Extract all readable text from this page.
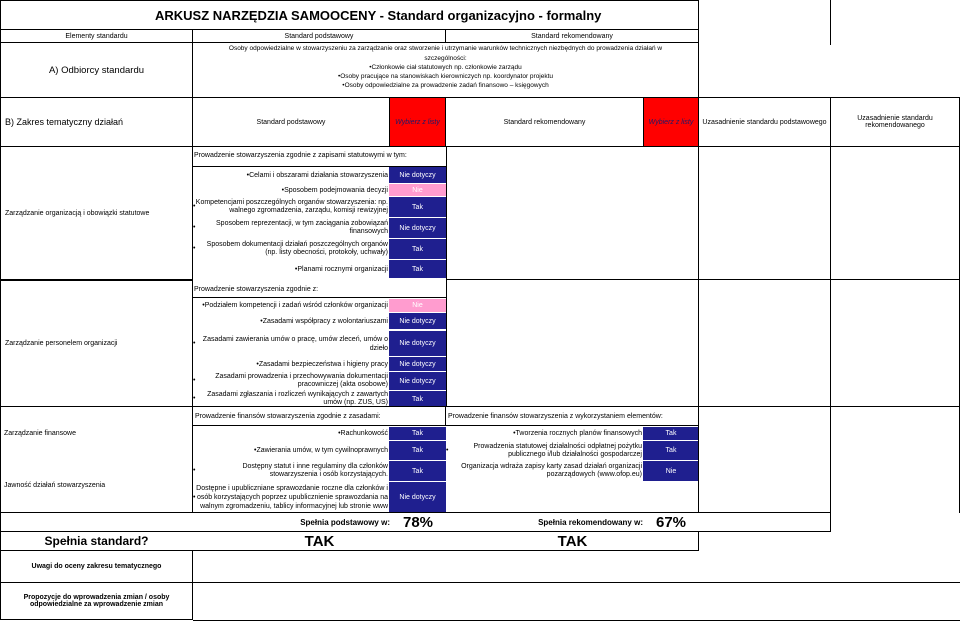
ARKUSZ NARZĘDZIA SAMOOCENY - Standard organizacyjno - formalny
Elementy standardu	Standard podstawowy	Standard rekomendowany
A) Odbiorcy standardu
Osoby odpowiedzialne w stowarzyszeniu za zarządzanie oraz stworzenie i utrzymanie warunków technicznych niezbędnych do prowadzenia działań w
szczególności:
• Członkowie ciał statutowych np. członkowie zarządu
• Osoby pracujące na stanowiskach kierowniczych np. koordynator projektu
• Osoby odpowiedzialne za prowadzenie zadań finansowo – księgowych
B) Zakres tematyczny działań	Standard podstawowy	Wybierz z listy	Standard rekomendowany	Wybierz z listy	Uzasadnienie standardu podstawowego	Uzasadnienie standardu rekomendowanego
Zarządzanie organizacją i obowiązki statutowe
Prowadzenie stowarzyszenia zgodnie z zapisami statutowymi w tym:
• Celami i obszarami działania stowarzyszenia	Nie dotyczy
• Sposobem podejmowania decyzji	Nie
• Kompetencjami poszczególnych organów stowarzyszenia: np. walnego zgromadzenia, zarządu, komisji rewizyjnej	Tak
• Sposobem reprezentacji, w tym zaciągania zobowiązań finansowych	Nie dotyczy
• Sposobem dokumentacji działań poszczególnych organów (np. listy obecności, protokoły, uchwały)	Tak
• Planami rocznymi organizacji	Tak
Zarządzanie personelem organizacji
Prowadzenie stowarzyszenia zgodnie z:
• Podziałem kompetencji i zadań wśród członków organizacji	Nie
• Zasadami współpracy z wolontariuszami	Nie dotyczy
• Zasadami zawierania umów o pracę, umów zleceń, umów o dzieło
Nie dotyczy
• Zasadami bezpieczeństwa i higieny pracy	Nie dotyczy
• Zasadami prowadzenia i przechowywania dokumentacji pracowniczej (akta osobowe)	Nie dotyczy
• Zasadami zgłaszania i rozliczeń wynikających z zawartych umów (np. ZUS, US)	Tak
Zarządzanie finansowe
Jawność działań stowarzyszenia
Prowadzenie finansów stowarzyszenia zgodnie z zasadami:	Prowadzenie finansów stowarzyszenia z wykorzystaniem elementów:
• Rachunkowość	Tak
• Zawierania umów, w tym cywilnoprawnych	Tak
• Dostępny statut i inne regulaminy dla członków stowarzyszenia i osób korzystających.	Tak
• Dostępne i upubliczniane sprawozdanie roczne dla członków i osób korzystających poprzez upublicznienie sprawozdania na walnym zgromadzeniu, tablicy informacyjnej lub stronie www
Nie dotyczy
• Tworzenia rocznych planów finansowych	Tak
• Prowadzenia statutowej działalności odpłatnej pożytku publicznego i/lub działalności gospodarczej	Tak
Organizacja wdraża zapisy karty zasad działań organizacji pozarządowych (www.ofop.eu)	Nie
Spełnia podstawowy w: 78%	Spełnia rekomendowany w: 67%
Spełnia standard?	TAK	TAK
Uwagi do oceny zakresu tematycznego
Propozycje do wprowadzenia zmian / osoby odpowiedzialne za wprowadzenie zmian
